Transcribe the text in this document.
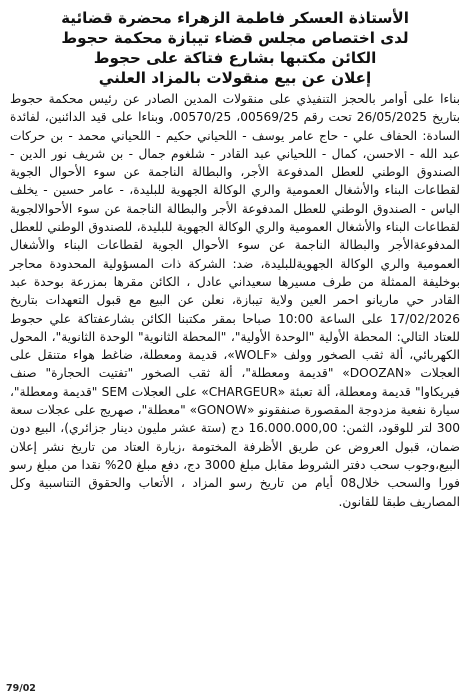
الأستاذة العسكر فاطمة الزهراء محضرة قضائية
لدى اختصاص مجلس قضاء تيبازة محكمة حجوط
الكائن مكتبها بشارع فتاكة على حجوط
إعلان عن بيع منقولات بالمزاد العلني

بناءا على أوامر بالحجز التنفيذي على منقولات المدين الصادر عن رئيس محكمة حجوط بتاريخ 26/05/2025 تحت رقم 00569/25، 00570/25، وبناءا على قيد الدائنين، لفائدة السادة: الحفاف علي - حاج عامر يوسف - اللحياني حكيم - اللحياني محمد - بن حركات عبد الله - الاحسن، كمال - اللحياني عبد القادر - شلغوم جمال - بن شريف نور الدين - الصندوق الوطني للعطل المدفوعة الأجر، والبطالة الناجمة عن سوء الأحوال الجوية لقطاعات البناء والأشغال العمومية والري الوكالة الجهوية للبليدة، - عامر حسين - يخلف الياس - الصندوق الوطني للعطل المدفوعة الأجر والبطالة الناجمة عن سوء الأحوالالجوية لقطاعات البناء والأشغال العمومية والري الوكالة الجهوية للبليدة، للصندوق الوطني للعطل المدفوعةالأجر والبطالة الناجمة عن سوء الأحوال الجوية لقطاعات البناء والأشغال العمومية والري الوكالة الجهويةللبليدة، ضد: الشركة ذات المسؤولية المحدودة محاجر بوخليفة الممثلة من طرف مسيرها سعيداني عادل ، الكائن مقرها بمزرعة بوحدة عبد القادر حي ماريانو احمر العين ولاية تيبازة، نعلن عن البيع مع قبول التعهدات بتاريخ 17/02/2026 على الساعة 10:00 صباحا بمقر مكتبنا الكائن بشارعفتاكة علي حجوط للعتاد التالي: المحطة الأولية "الوحدة الأولية"، "المحطة الثانوية" الوحدة الثانوية"، المحول الكهربائي، ألة ثقب الصخور وولف «WOLF»، قديمة ومعطلة، ضاغط هواء متنقل على العجلات «DOOZAN» "قديمة ومعطلة"، ألة ثقب الصخور "تفتيت الحجارة" صنف فيريكاوا" قديمة ومعطلة، ألة تعبئة «CHARGEUR» على العجلات SEM "قديمة ومعطلة"، سيارة نفعية مزدوجة المقصورة صنفقونو «GONOW» "معطلة"، صهريج على عجلات سعة 300 لتر للوقود، الثمن: 16.000.000,00 دج (ستة عشر مليون دينار جزائري)، البيع دون ضمان، قبول العروض عن طريق الأظرفة المختومة ،زيارة العتاد من تاريخ نشر إعلان البيع،وجوب سحب دفتر الشروط مقابل مبلغ 3000 دج، دفع مبلغ 20% نقدا من مبلغ رسو فورا والسحب خلال08 أيام من تاريخ رسو المزاد ، الأتعاب والحقوق التناسبية وكل المصاريف طبقا للقانون.

79/02
